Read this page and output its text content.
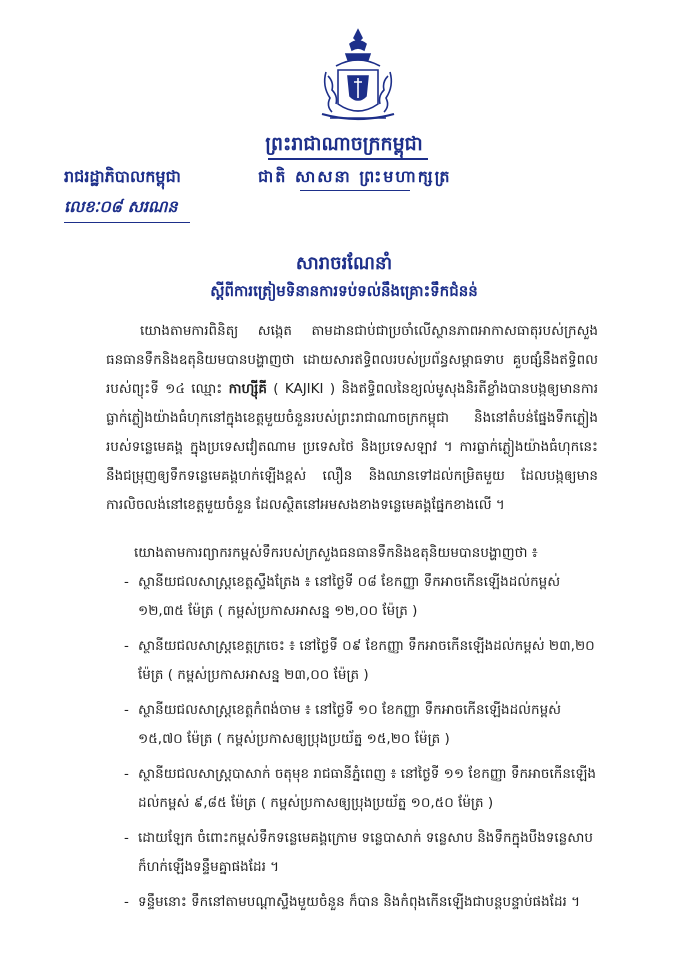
ព្រះរាជាណាចក្រកម្ពុជា
ជាតិ សាសនា ព្រះមហាក្សត្រ
រាជរដ្ឋាភិបាលកម្ពុជា
លេខៈ០៨ សរណន
សារាចរណែនាំ
ស្តីពីការត្រៀមទិនានការទប់ទល់នឹងគ្រោះទឹកជំនន់
យោងតាមការពិនិត្យ សង្កេត តាមដានជាប់ជាប្រចាំលើស្ថានភាពអាកាសធាតុរបស់ក្រសួងធនធានទឹកនិងឧតុនិយមបានបង្ហាញថា ដោយសារឥទ្ធិពលរបស់ប្រព័ន្ធសម្ពាធទាប គួបផ្សំនឹងឥទ្ធិពលរបស់ព្យុះទី ១៤ ឈ្មោះ កាហ្ស៊ីគី ( KAJIKI ) និងឥទ្ធិពលនៃខ្យល់មូសុងនិរតីខ្លាំងបានបង្កឲ្យមានការធ្លាក់ភ្លៀងយ៉ាងធំហុកនៅក្នុងខេត្តមួយចំនួនរបស់ព្រះរាជាណាចក្រកម្ពុជា និងនៅតំបន់ផ្នែងទឹកភ្លៀងរបស់ទន្លេមេគង្គ ក្នុងប្រទេសវៀតណាម ប្រទេសថៃ និងប្រទេសឡាវ ។ ការធ្លាក់ភ្លៀងយ៉ាងធំហុកនេះ នឹងជម្រុញឲ្យទឹកទន្លេមេគង្គហក់ឡើងខ្ពស់ លឿន និងឈានទៅដល់កម្រិតមួយ ដែលបង្កឲ្យមានការលិចលង់នៅខេត្តមួយចំនួន ដែលស្ថិតនៅអមសងខាងទន្លេមេគង្គផ្នែកខាងលើ ។
យោងតាមការព្យាករកម្ពស់ទឹករបស់ក្រសួងធនធានទឹកនិងឧតុនិយមបានបង្ហាញថា ៖
- ស្ថានីយជលសាស្ត្រខេត្តស្ទឹងត្រែង ៖ នៅថ្ងៃទី ០៨ ខែកញ្ញា ទឹកអាចកើនឡើងដល់កម្ពស់ ១២,៣៥ ម៉ែត្រ ( កម្ពស់ប្រកាសអាសន្ន ១២,០០ ម៉ែត្រ )
- ស្ថានីយជលសាស្ត្រខេត្តក្រចេះ ៖ នៅថ្ងៃទី ០៩ ខែកញ្ញា ទឹកអាចកើនឡើងដល់កម្ពស់ ២៣,២០ ម៉ែត្រ ( កម្ពស់ប្រកាសអាសន្ន ២៣,០០ ម៉ែត្រ )
- ស្ថានីយជលសាស្ត្រខេត្តកំពង់ចាម ៖ នៅថ្ងៃទី ១០ ខែកញ្ញា ទឹកអាចកើនឡើងដល់កម្ពស់ ១៥,៧០ ម៉ែត្រ ( កម្ពស់ប្រកាសឲ្យប្រុងប្រយ័ត្ន ១៥,២០ ម៉ែត្រ )
- ស្ថានីយជលសាស្ត្របាសាក់ ចតុមុខ រាជធានីភ្នំពេញ ៖ នៅថ្ងៃទី ១១ ខែកញ្ញា ទឹកអាចកើនឡើងដល់កម្ពស់ ៩,៨៥ ម៉ែត្រ ( កម្ពស់ប្រកាសឲ្យប្រុងប្រយ័ត្ន ១០,៥០ ម៉ែត្រ )
- ដោយឡែក ចំពោះកម្ពស់ទឹកទន្លេមេគង្គក្រោម ទន្លេបាសាក់ ទន្លេសាប និងទឹកក្នុងបឹងទន្លេសាប ក៏ហក់ឡើងទន្ទឹមគ្នាផងដែរ ។
- ទន្ទឹមនោះ ទឹកនៅតាមបណ្តាស្ទឹងមួយចំនួន ក៏បាន និងកំពុងកើនឡើងជាបន្តបន្ទាប់ផងដែរ ។
